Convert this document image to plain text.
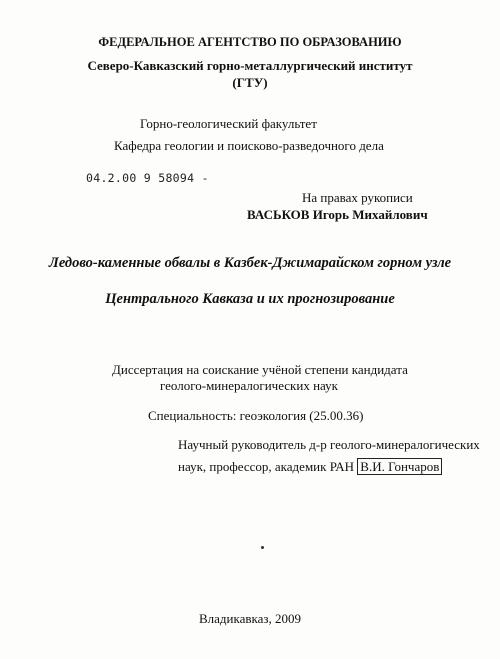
ФЕДЕРАЛЬНОЕ АГЕНТСТВО ПО ОБРАЗОВАНИЮ
Северо-Кавказский горно-металлургический институт
(ГТУ)
Горно-геологический факультет
Кафедра геологии и поисково-разведочного дела
04.2.00 9 58094 -
На правах рукописи
ВАСЬКОВ Игорь Михайлович
Ледово-каменные обвалы в Казбек-Джимарайском горном узле
Центрального Кавказа и их прогнозирование
Диссертация на соискание учёной степени кандидата
геолого-минералогических наук
Специальность: геоэкология (25.00.36)
Научный руководитель д-р геолого-минералогических
наук, профессор, академик РАН В.И. Гончаров
Владикавказ, 2009
